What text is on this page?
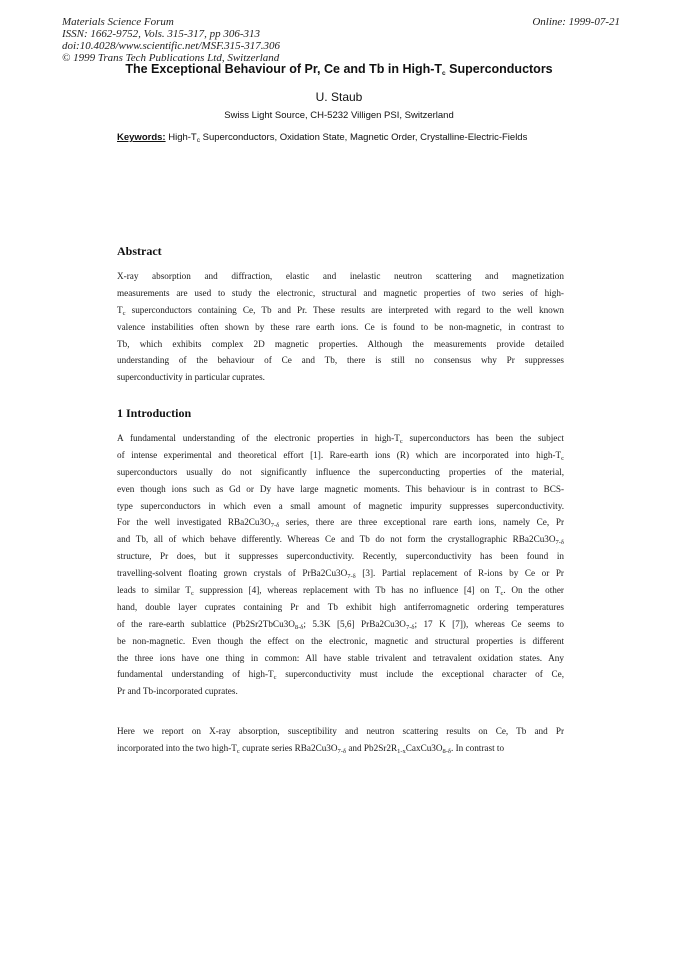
Materials Science Forum
ISSN: 1662-9752, Vols. 315-317, pp 306-313
doi:10.4028/www.scientific.net/MSF.315-317.306
© 1999 Trans Tech Publications Ltd, Switzerland
Online: 1999-07-21
The Exceptional Behaviour of Pr, Ce and Tb in High-$T_c$ Superconductors
U. Staub
Swiss Light Source, CH-5232 Villigen PSI, Switzerland
Keywords: High-$T_c$ Superconductors, Oxidation State, Magnetic Order, Crystalline-Electric-Fields
Abstract
X-ray absorption and diffraction, elastic and inelastic neutron scattering and magnetization
measurements are used to study the electronic, structural and magnetic properties of two series of high-
$T_c$ superconductors containing Ce, Tb and Pr. These results are interpreted with regard to the well known
valence instabilities often shown by these rare earth ions. Ce is found to be non-magnetic, in contrast to
Tb, which exhibits complex 2D magnetic properties. Although the measurements provide detailed
understanding of the behaviour of Ce and Tb, there is still no consensus why Pr suppresses
superconductivity in particular cuprates.
1 Introduction
A fundamental understanding of the electronic properties in high-$T_c$ superconductors has been the subject
of intense experimental and theoretical effort [1]. Rare-earth ions (R) which are incorporated into high-$T_c$
superconductors usually do not significantly influence the superconducting properties of the material,
even though ions such as Gd or Dy have large magnetic moments. This behaviour is in contrast to BCS-
type superconductors in which even a small amount of magnetic impurity suppresses superconductivity.
For the well investigated $RBa2Cu3O_{7-\delta}$ series, there are three exceptional rare earth ions, namely Ce, Pr
and Tb, all of which behave differently. Whereas Ce and Tb do not form the crystallographic $RBa2Cu3O_{7-\delta}$
structure, Pr does, but it suppresses superconductivity. Recently, superconductivity has been found in
travelling-solvent floating grown crystals of $PrBa2Cu3O_{7-\delta}$ [3]. Partial replacement of R-ions by Ce or Pr
leads to similar $T_c$ suppression [4], whereas replacement with Tb has no influence [4] on $T_c$. On the other
hand, double layer cuprates containing Pr and Tb exhibit high antiferromagnetic ordering temperatures
of the rare-earth sublattice ($Pb2Sr2TbCu3O_{8-\delta}$; 5.3K [5,6] $PrBa2Cu3O_{7-\delta}$; 17 K [7]), whereas Ce seems to
be non-magnetic. Even though the effect on the electronic, magnetic and structural properties is different
the three ions have one thing in common: All have stable trivalent and tetravalent oxidation states. Any
fundamental understanding of high-$T_c$ superconductivity must include the exceptional character of Ce,
Pr and Tb-incorporated cuprates.
Here we report on X-ray absorption, susceptibility and neutron scattering results on Ce, Tb and Pr
incorporated into the two high-$T_c$ cuprate series $RBa2Cu3O_{7-\delta}$ and $Pb2Sr2R_{1-x}CaxCu3O_{8-\delta}$. In contrast to
